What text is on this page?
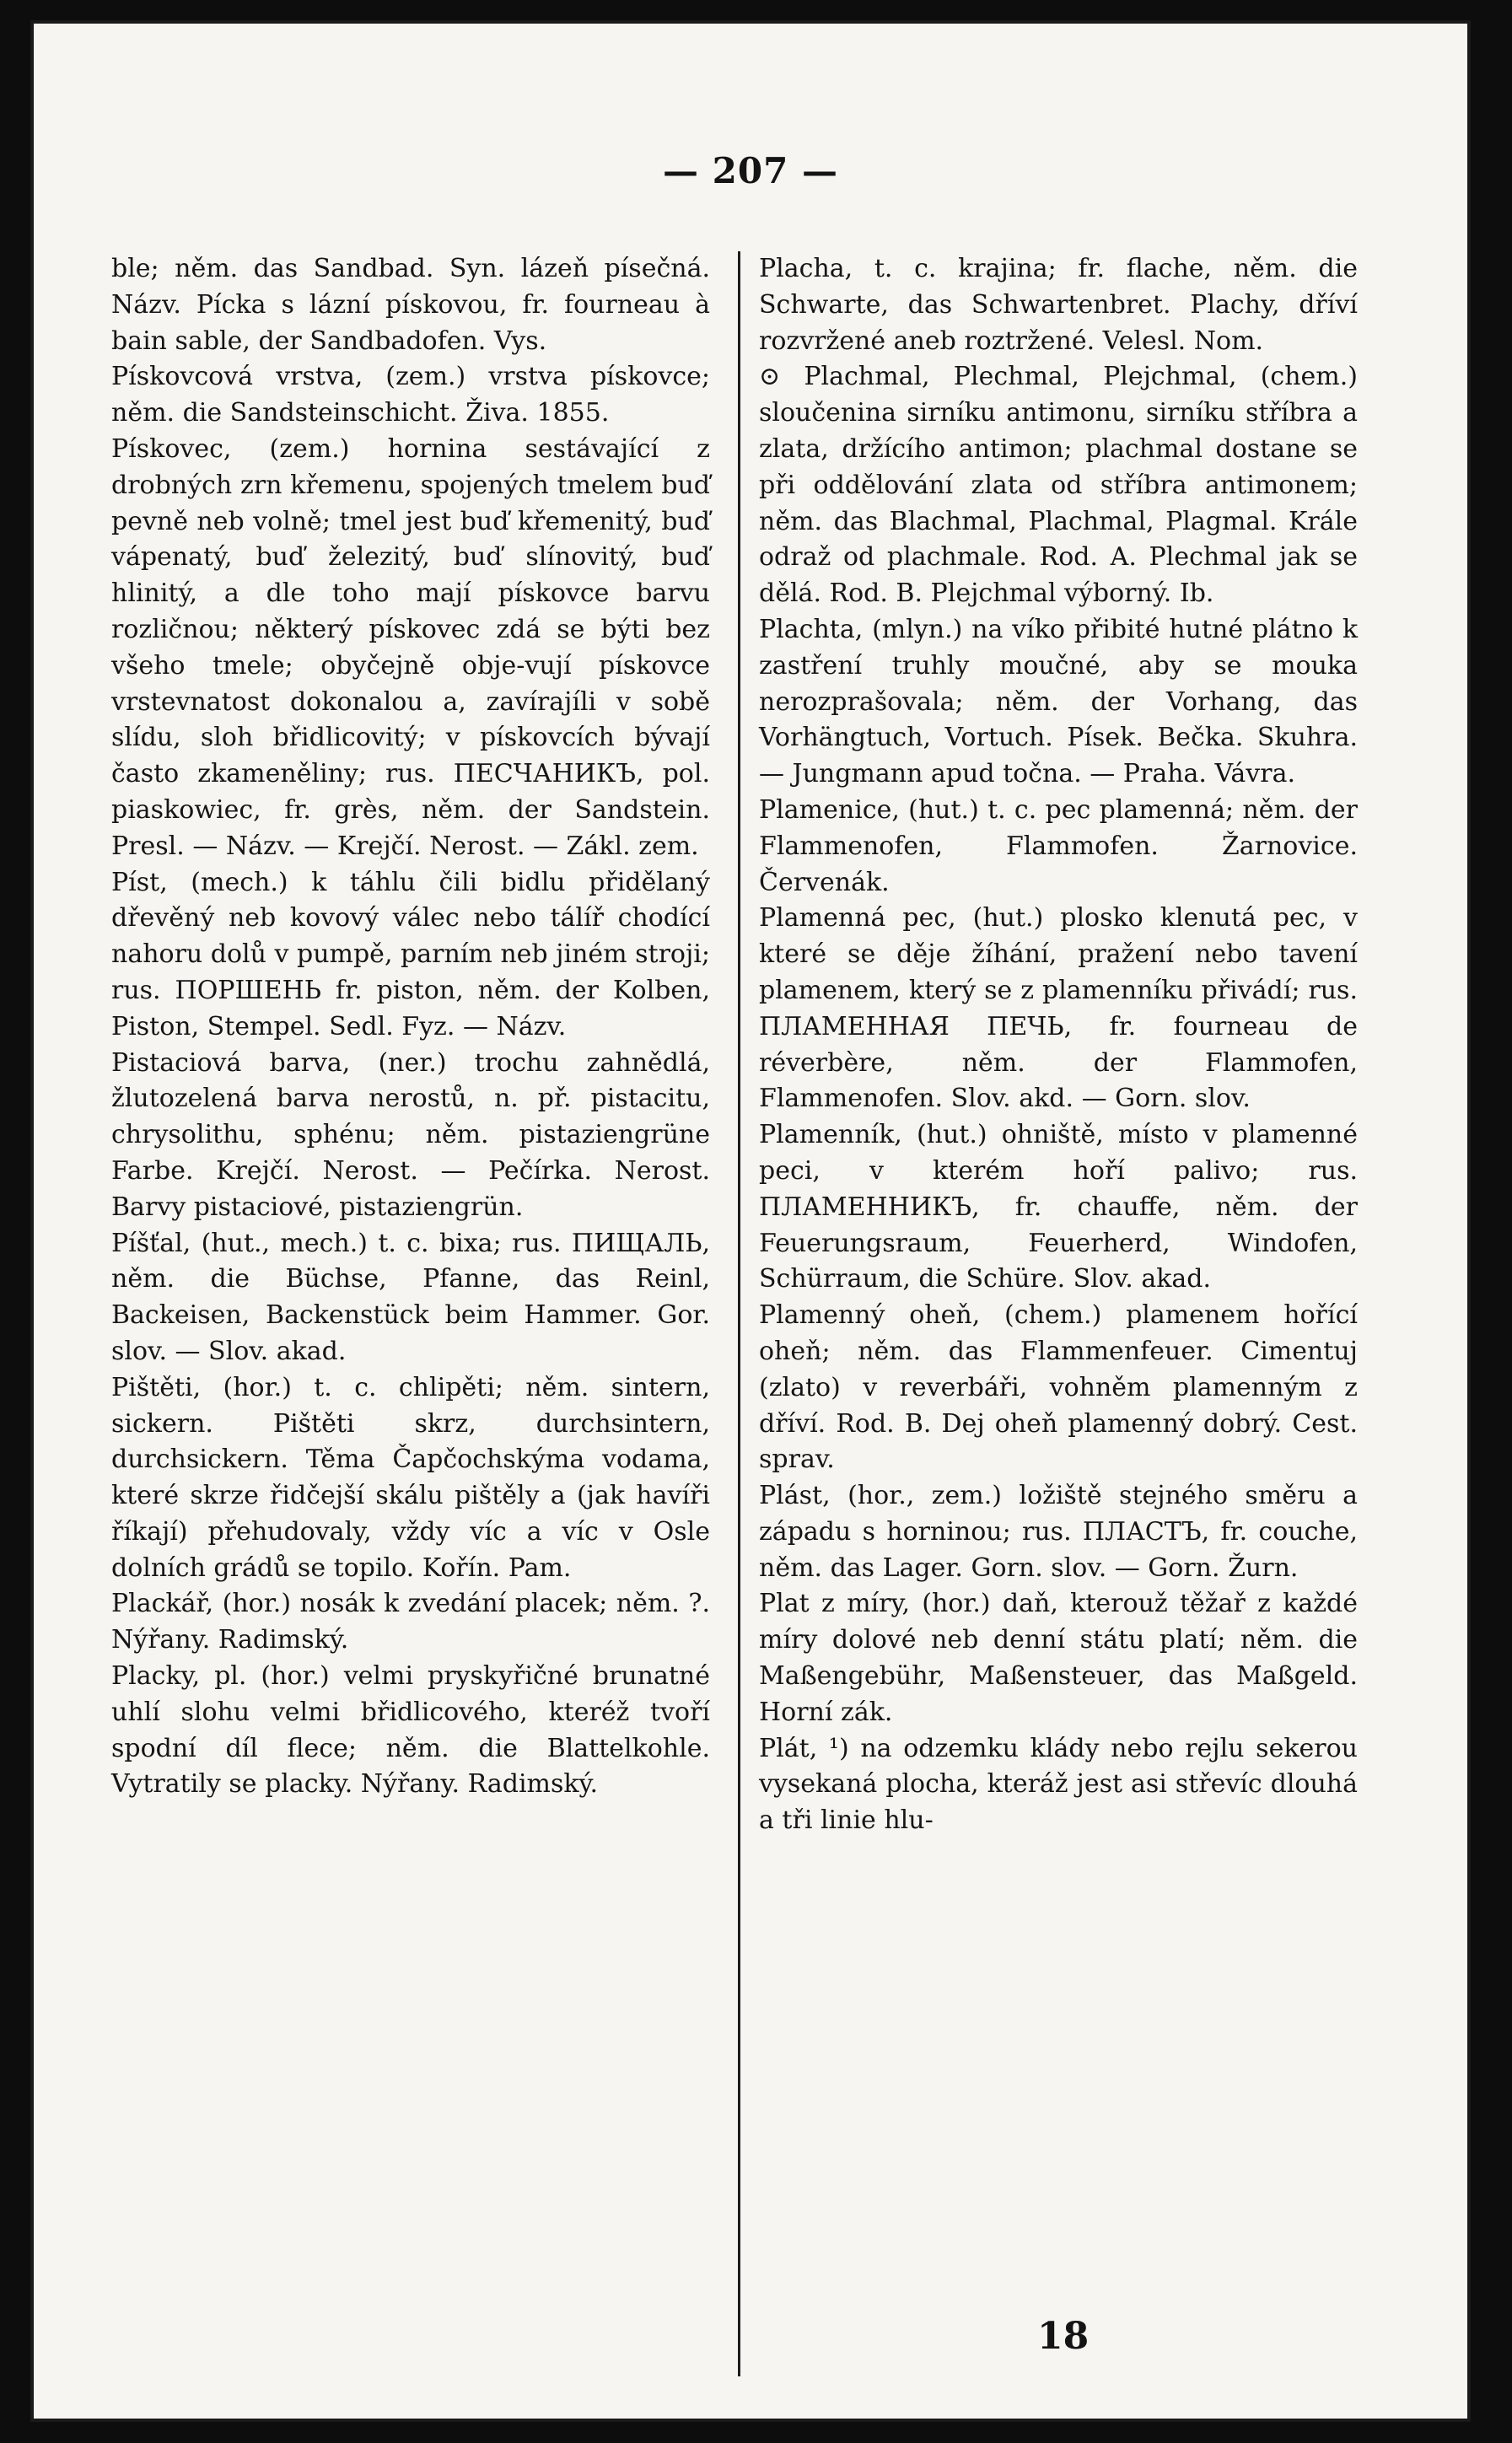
— 207 —

ble; něm. das Sandbad. Syn. lázeň písečná. Názv. Pícka s lázní pískovou, fr. fourneau à bain sable, der Sandbadofen. Vys.

Pískovcová vrstva, (zem.) vrstva pískovce; něm. die Sandsteinschicht. Živa. 1855.

Pískovec, (zem.) hornina sestávající z drobných zrn křemenu, spojených tmelem buď pevně neb volně; tmel jest buď křemenitý, buď vápenatý, buď železitý, buď slínovitý, buď hlinitý, a dle toho mají pískovce barvu rozličnou; některý pískovec zdá se býti bez všeho tmele; obyčejně obje-vují pískovce vrstevnatost dokonalou a, zavírajíli v sobě slídu, sloh břidlicovitý; v pískovcích bývají často zkameněliny; rus. ПЕСЧАНИКЪ, pol. piaskowiec, fr. grès, něm. der Sandstein. Presl. — Názv. — Krejčí. Nerost. — Zákl. zem.

Píst, (mech.) k táhlu čili bidlu přidělaný dřevěný neb kovový válec nebo tálíř chodící nahoru dolů v pumpě, parním neb jiném stroji; rus. ПОРШЕНЬ fr. piston, něm. der Kolben, Piston, Stempel. Sedl. Fyz. — Názv.

Pistaciová barva, (ner.) trochu zahnědlá, žlutozelená barva nerostů, n. př. pistacitu, chrysolithu, sphénu; něm. pistaziengrüne Farbe. Krejčí. Nerost. — Pečírka. Nerost. Barvy pistaciové, pistaziengrün.

Píšťal, (hut., mech.) t. c. bixa; rus. ПИЩАЛЬ, něm. die Büchse, Pfanne, das Reinl, Backeisen, Backenstück beim Hammer. Gor. slov. — Slov. akad.

Pištěti, (hor.) t. c. chlipěti; něm. sintern, sickern. Pištěti skrz, durchsintern, durchsickern. Těma Čapčochskýma vodama, které skrze řidčejší skálu pištěly a (jak havíři říkají) přehudovaly, vždy víc a víc v Osle dolních grádů se topilo. Kořín. Pam.

Plackář, (hor.) nosák k zvedání placek; něm. ?. Nýřany. Radimský.

Placky, pl. (hor.) velmi pryskyřičné brunatné uhlí slohu velmi břidlicového, kteréž tvoří spodní díl flece; něm. die Blattelkohle. Vytratily se placky. Nýřany. Radimský.

Placha, t. c. krajina; fr. flache, něm. die Schwarte, das Schwartenbret. Plachy, dříví rozvržené aneb roztržené. Velesl. Nom.

⊙ Plachmal, Plechmal, Plejchmal, (chem.) sloučenina sirníku antimonu, sirníku stříbra a zlata, držícího antimon; plachmal dostane se při oddělování zlata od stříbra antimonem; něm. das Blachmal, Plachmal, Plagmal. Krále odraž od plachmale. Rod. A. Plechmal jak se dělá. Rod. B. Plejchmal výborný. Ib.

Plachta, (mlyn.) na víko přibité hutné plátno k zastření truhly moučné, aby se mouka nerozprašovala; něm. der Vorhang, das Vorhängtuch, Vortuch. Písek. Bečka. Skuhra. — Jungmann apud točna. — Praha. Vávra.

Plamenice, (hut.) t. c. pec plamenná; něm. der Flammenofen, Flammofen. Žarnovice. Červenák.

Plamenná pec, (hut.) plosko klenutá pec, v které se děje žíhání, pražení nebo tavení plamenem, který se z plamenníku přivádí; rus. ПЛАМЕННАЯ ПЕЧЬ, fr. fourneau de réverbère, něm. der Flammofen, Flammenofen. Slov. akd. — Gorn. slov.

Plamenník, (hut.) ohniště, místo v plamenné peci, v kterém hoří palivo; rus. ПЛАМЕННИКЪ, fr. chauffe, něm. der Feuerungsraum, Feuerherd, Windofen, Schürraum, die Schüre. Slov. akad.

Plamenný oheň, (chem.) plamenem hořící oheň; něm. das Flammenfeuer. Cimentuj (zlato) v reverbáři, vohněm plamenným z dříví. Rod. B. Dej oheň plamenný dobrý. Cest. sprav.

Plást, (hor., zem.) ložiště stejného směru a západu s horninou; rus. ПЛАСТЪ, fr. couche, něm. das Lager. Gorn. slov. — Gorn. Žurn.

Plat z míry, (hor.) daň, kterouž těžař z každé míry dolové neb denní státu platí; něm. die Maßengebühr, Maßensteuer, das Maßgeld. Horní zák.

Plát, ¹) na odzemku klády nebo rejlu sekerou vysekaná plocha, kteráž jest asi střevíc dlouhá a tři linie hlu-

18
